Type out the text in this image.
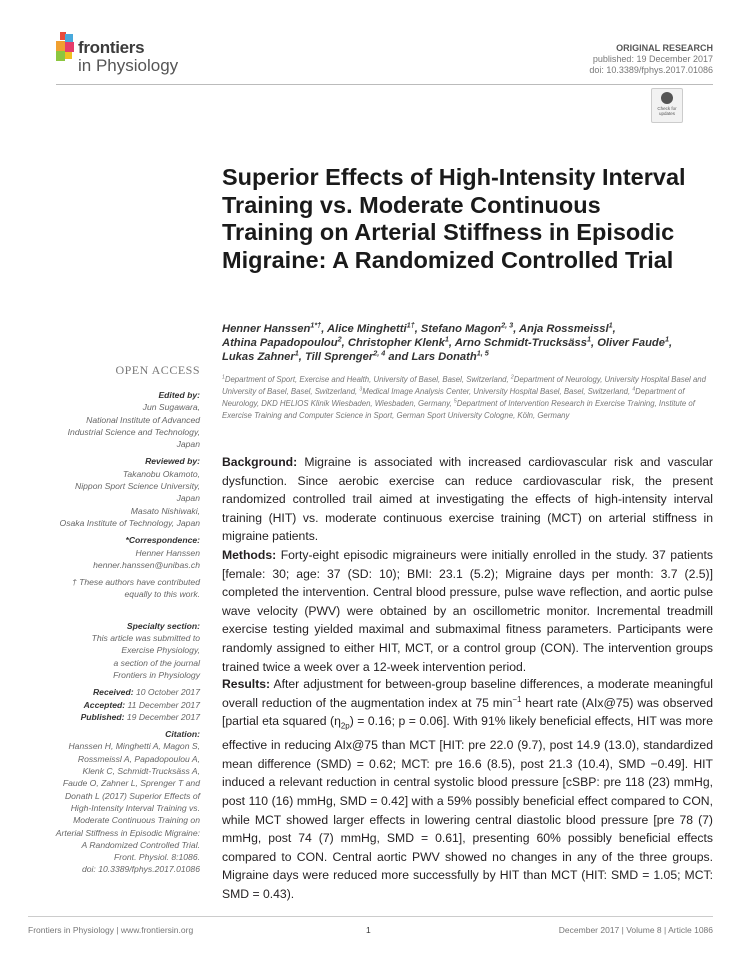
frontiers
in Physiology
ORIGINAL RESEARCH
published: 19 December 2017
doi: 10.3389/fphys.2017.01086
Check for
updates
Superior Effects of High-Intensity Interval Training vs. Moderate Continuous Training on Arterial Stiffness in Episodic Migraine: A Randomized Controlled Trial
Henner Hanssen$^{1*\dagger}$, Alice Minghetti$^{1\dagger}$, Stefano Magon$^{2, 3}$, Anja Rossmeissl$^1$,
Athina Papadopoulou$^2$, Christopher Klenk$^1$, Arno Schmidt-Trucksäss$^1$, Oliver Faude$^1$,
Lukas Zahner$^1$, Till Sprenger$^{2, 4}$ and Lars Donath$^{1, 5}$
$^1$Department of Sport, Exercise and Health, University of Basel, Basel, Switzerland, $^2$Department of Neurology, University Hospital Basel and University of Basel, Basel, Switzerland, $^3$Medical Image Analysis Center, University Hospital Basel, Basel, Switzerland, $^4$Department of Neurology, DKD HELIOS Klinik Wiesbaden, Wiesbaden, Germany, $^5$Department of Intervention Research in Exercise Training, Institute of Exercise Training and Computer Science in Sport, German Sport University Cologne, Köln, Germany
OPEN ACCESS
Edited by:
Jun Sugawara,
National Institute of Advanced
Industrial Science and Technology,
Japan
Reviewed by:
Takanobu Okamoto,
Nippon Sport Science University,
Japan
Masato Nishiwaki,
Osaka Institute of Technology, Japan
*Correspondence:
Henner Hanssen
henner.hanssen@unibas.ch
† These authors have contributed
equally to this work.
Specialty section:
This article was submitted to
Exercise Physiology,
a section of the journal
Frontiers in Physiology
Received: 10 October 2017
Accepted: 11 December 2017
Published: 19 December 2017
Citation:
Hanssen H, Minghetti A, Magon S,
Rossmeissl A, Papadopoulou A,
Klenk C, Schmidt-Trucksäss A,
Faude O, Zahner L, Sprenger T and
Donath L (2017) Superior Effects of
High-Intensity Interval Training vs.
Moderate Continuous Training on
Arterial Stiffness in Episodic Migraine:
A Randomized Controlled Trial.
Front. Physiol. 8:1086.
doi: 10.3389/fphys.2017.01086
Background: Migraine is associated with increased cardiovascular risk and vascular dysfunction. Since aerobic exercise can reduce cardiovascular risk, the present randomized controlled trail aimed at investigating the effects of high-intensity interval training (HIT) vs. moderate continuous exercise training (MCT) on arterial stiffness in migraine patients.
Methods: Forty-eight episodic migraineurs were initially enrolled in the study. 37 patients [female: 30; age: 37 (SD: 10); BMI: 23.1 (5.2); Migraine days per month: 3.7 (2.5)] completed the intervention. Central blood pressure, pulse wave reflection, and aortic pulse wave velocity (PWV) were obtained by an oscillometric monitor. Incremental treadmill exercise testing yielded maximal and submaximal fitness parameters. Participants were randomly assigned to either HIT, MCT, or a control group (CON). The intervention groups trained twice a week over a 12-week intervention period.
Results: After adjustment for between-group baseline differences, a moderate meaningful overall reduction of the augmentation index at 75 $\min^{-1}$ heart rate (AIx@75) was observed [partial eta squared $(\eta_{2p}) = 0.16$; p = 0.06]. With 91% likely beneficial effects, HIT was more effective in reducing AIx@75 than MCT [HIT: pre 22.0 (9.7), post 14.9 (13.0), standardized mean difference (SMD) = 0.62; MCT: pre 16.6 (8.5), post 21.3 (10.4), SMD −0.49]. HIT induced a relevant reduction in central systolic blood pressure [cSBP: pre 118 (23) mmHg, post 110 (16) mmHg, SMD = 0.42] with a 59% possibly beneficial effect compared to CON, while MCT showed larger effects in lowering central diastolic blood pressure [pre 78 (7) mmHg, post 74 (7) mmHg, SMD = 0.61], presenting 60% possibly beneficial effects compared to CON. Central aortic PWV showed no changes in any of the three groups. Migraine days were reduced more successfully by HIT than MCT (HIT: SMD = 1.05; MCT: SMD = 0.43).
Frontiers in Physiology | www.frontiersin.org	1	December 2017 | Volume 8 | Article 1086
